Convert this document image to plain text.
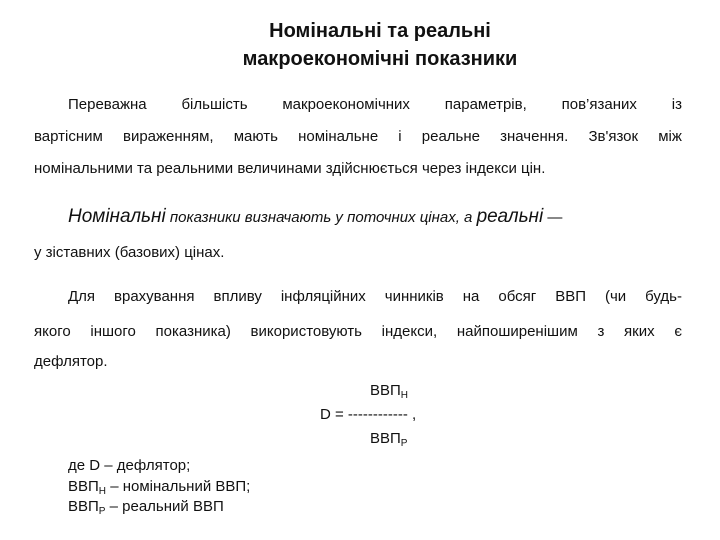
Номінальні та реальні
макроекономічні показники
Переважна більшість макроекономічних параметрів, пов’язаних із
вартісним вираженням, мають номінальне і реальне значення. Зв'язок між
номінальними та реальними величинами здійснюється через індекси цін.
Номінальні показники визначають у поточних цінах, а реальні —
у зіставних (базових) цінах.
Для врахування впливу інфляційних чинників на обсяг ВВП (чи будь-
якого іншого показника) використовують індекси, найпоширенішим з яких є
дефлятор.
$ВВП_Н$
D = ------------ ,
$ВВП_Р$
де D – дефлятор;
$ВВП_Н$ – номінальний ВВП;
$ВВП_Р$ – реальний ВВП
